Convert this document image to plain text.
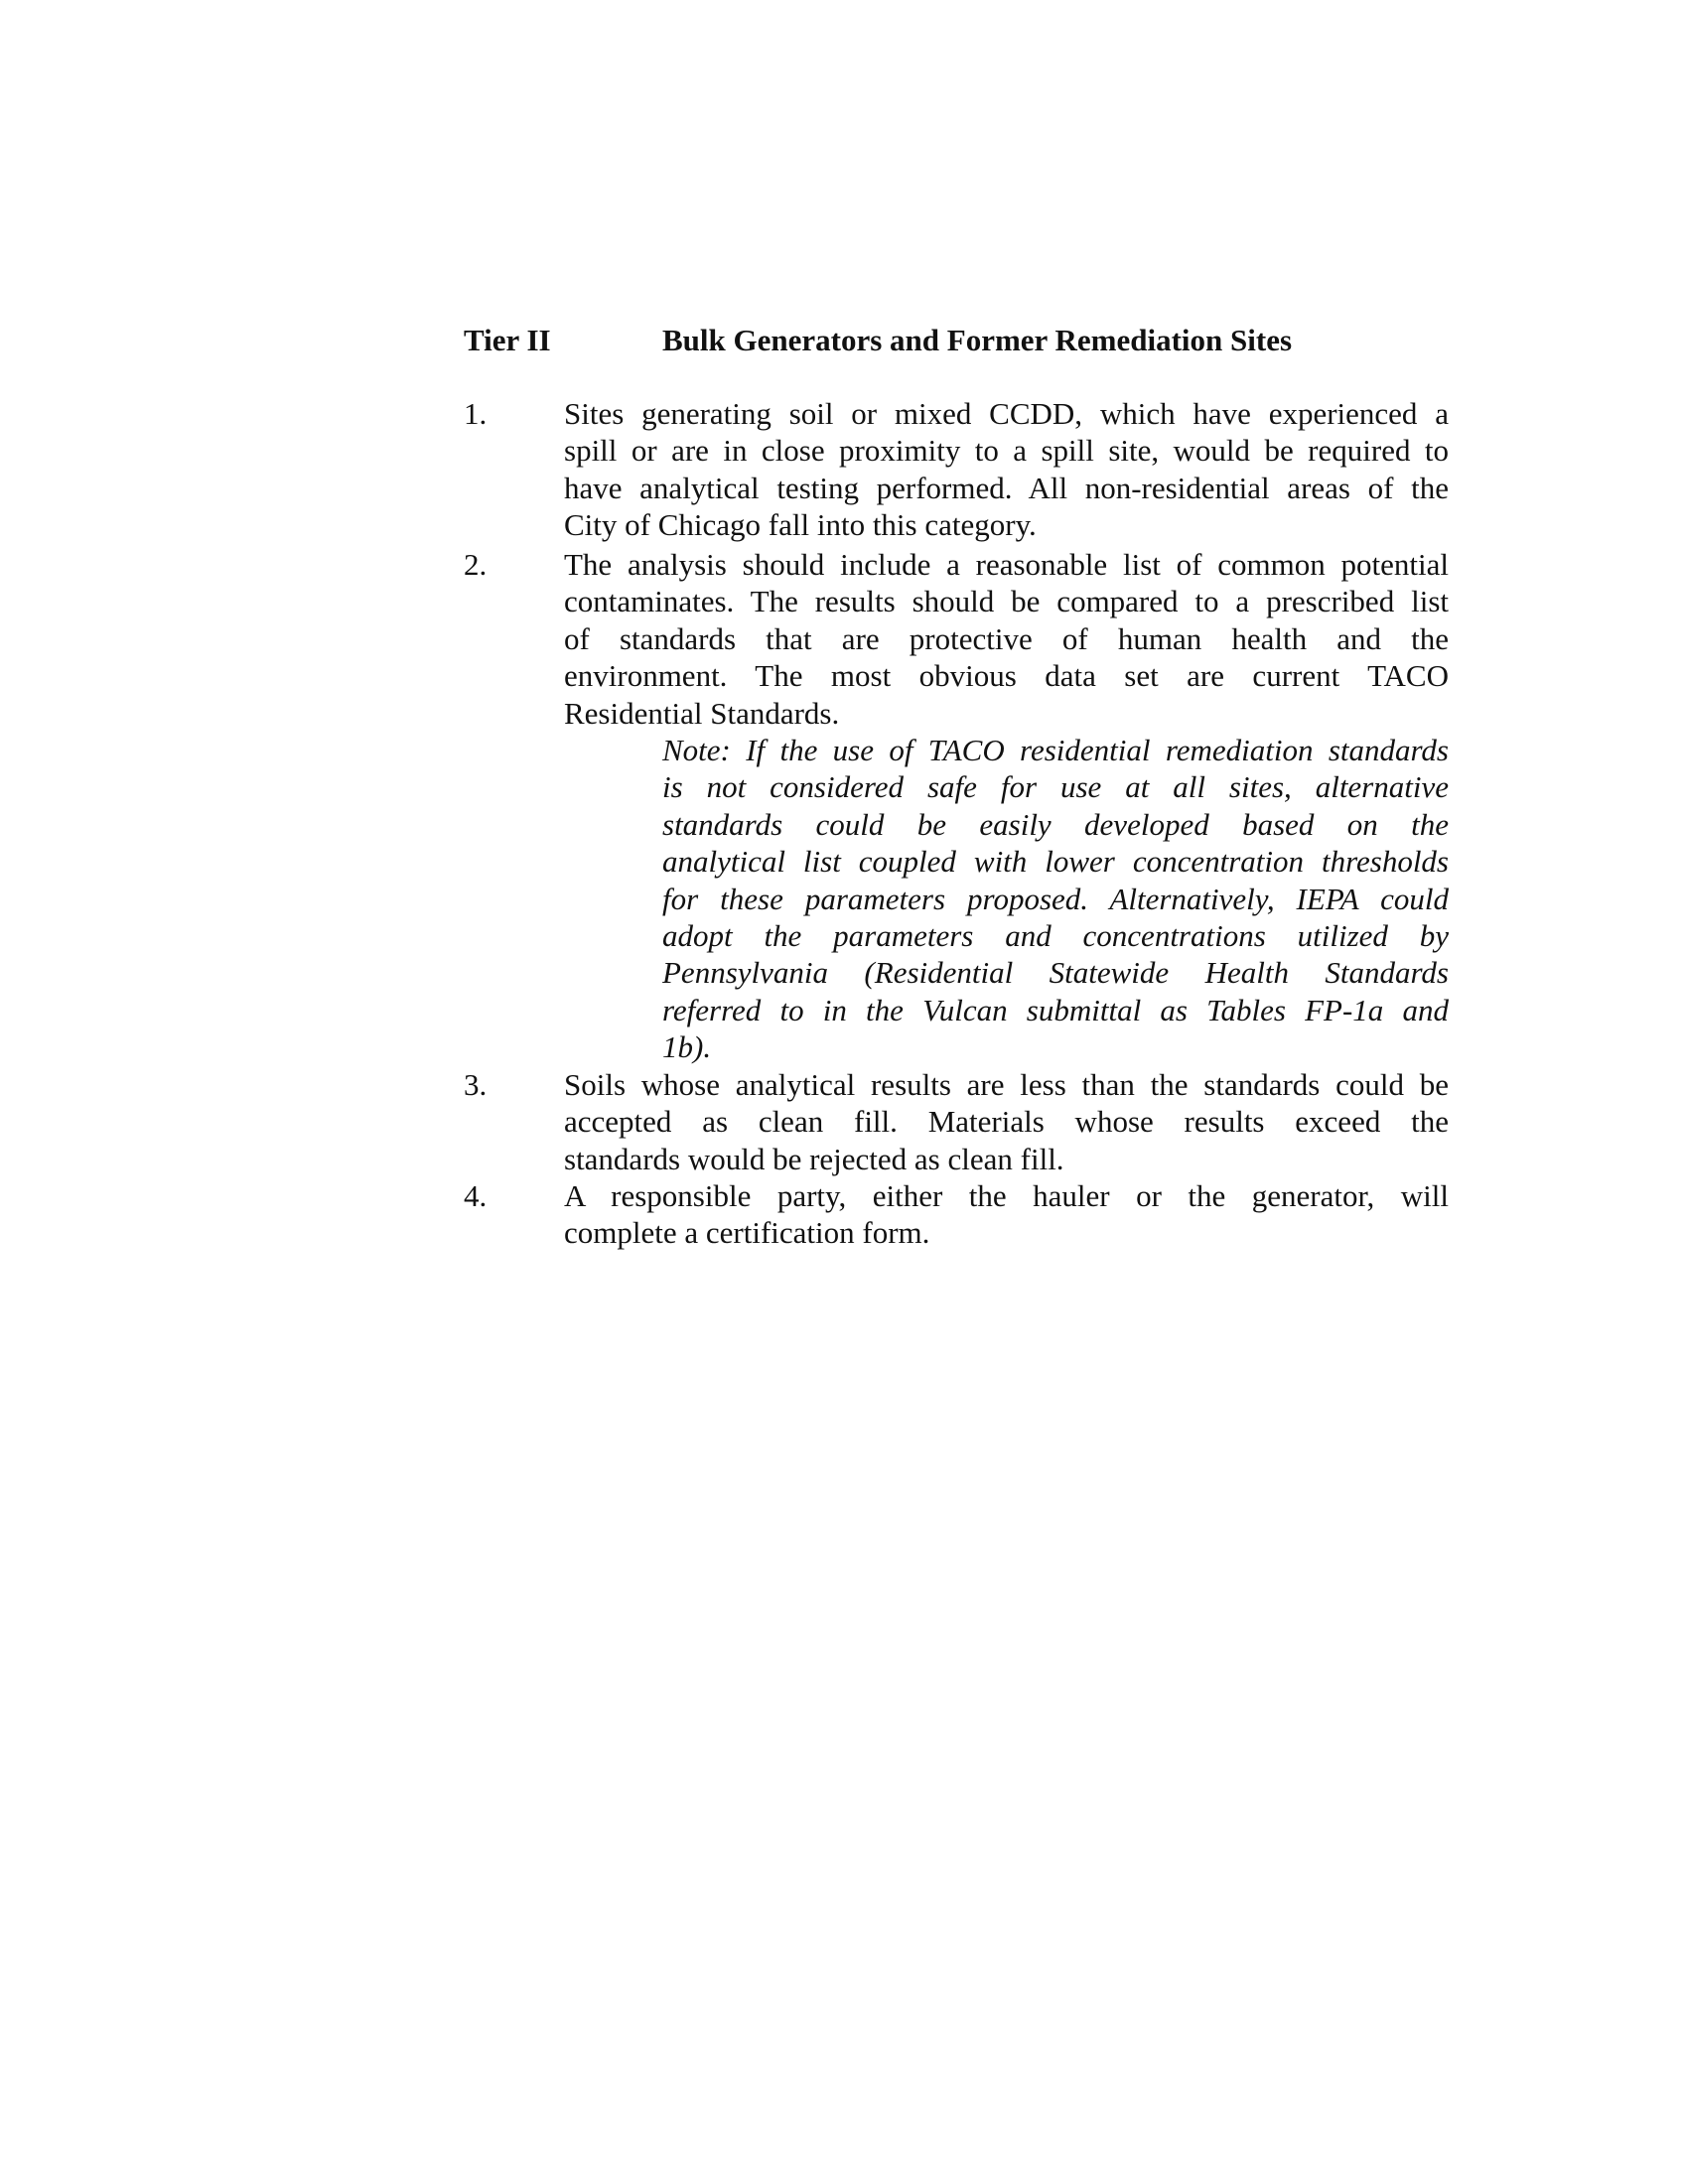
Tier II	Bulk Generators and Former Remediation Sites
1.	Sites generating soil or mixed CCDD, which have experienced a
spill or are in close proximity to a spill site, would be required to
have analytical testing performed. All non-residential areas of the
City of Chicago fall into this category.
2.	The analysis should include a reasonable list of common potential
contaminates. The results should be compared to a prescribed list
of standards that are protective of human health and the
environment. The most obvious data set are current TACO
Residential Standards.
3.	Soils whose analytical results are less than the standards could be
accepted as clean fill. Materials whose results exceed the
standards would be rejected as clean fill.
4.	A responsible party, either the hauler or the generator, will
complete a certification form.
Note: If the use of TACO residential remediation standards
is not considered safe for use at all sites, alternative
standards could be easily developed based on the
analytical list coupled with lower concentration thresholds
for these parameters proposed. Alternatively, IEPA could
adopt the parameters and concentrations utilized by
Pennsylvania (Residential Statewide Health Standards
referred to in the Vulcan submittal as Tables FP-1a and
1b).
